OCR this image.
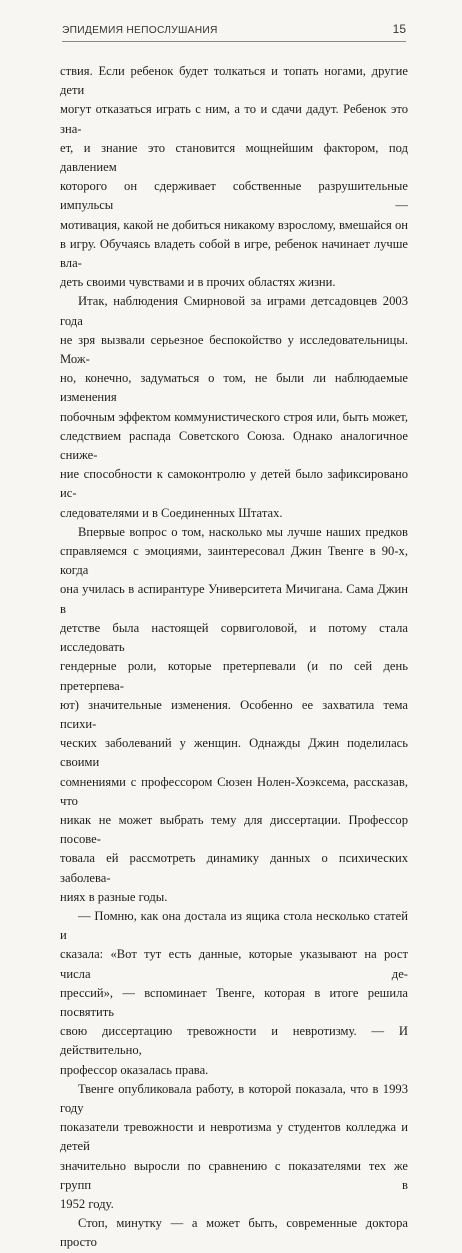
ЭПИДЕМИЯ НЕПОСЛУШАНИЯ	15

ствия. Если ребенок будет толкаться и топать ногами, другие дети

могут отказаться играть с ним, а то и сдачи дадут. Ребенок это зна-

ет, и знание это становится мощнейшим фактором, под давлением

которого он сдерживает собственные разрушительные импульсы —

мотивация, какой не добиться никакому взрослому, вмешайся он

в игру. Обучаясь владеть собой в игре, ребенок начинает лучше вла-

деть своими чувствами и в прочих областях жизни.

Итак, наблюдения Смирновой за играми детсадовцев 2003 года

не зря вызвали серьезное беспокойство у исследовательницы. Мож-

но, конечно, задуматься о том, не были ли наблюдаемые изменения

побочным эффектом коммунистического строя или, быть может,

следствием распада Советского Союза. Однако аналогичное сниже-

ние способности к самоконтролю у детей было зафиксировано ис-

следователями и в Соединенных Штатах.

Впервые вопрос о том, насколько мы лучше наших предков

справляемся с эмоциями, заинтересовал Джин Твенге в 90-х, когда

она училась в аспирантуре Университета Мичигана. Сама Джин в

детстве была настоящей сорвиголовой, и потому стала исследовать

гендерные роли, которые претерпевали (и по сей день претерпева-

ют) значительные изменения. Особенно ее захватила тема психи-

ческих заболеваний у женщин. Однажды Джин поделилась своими

сомнениями с профессором Сюзен Нолен-Хоэксема, рассказав, что

никак не может выбрать тему для диссертации. Профессор посове-

товала ей рассмотреть динамику данных о психических заболева-

ниях в разные годы.

— Помню, как она достала из ящика стола несколько статей и

сказала: «Вот тут есть данные, которые указывают на рост числа де-

прессий», — вспоминает Твенге, которая в итоге решила посвятить

свою диссертацию тревожности и невротизму. — И действительно,

профессор оказалась права.

Твенге опубликовала работу, в которой показала, что в 1993 году

показатели тревожности и невротизма у студентов колледжа и детей

значительно выросли по сравнению с показателями тех же групп в

1952 году.

Стоп, минутку — а может быть, современные доктора просто
